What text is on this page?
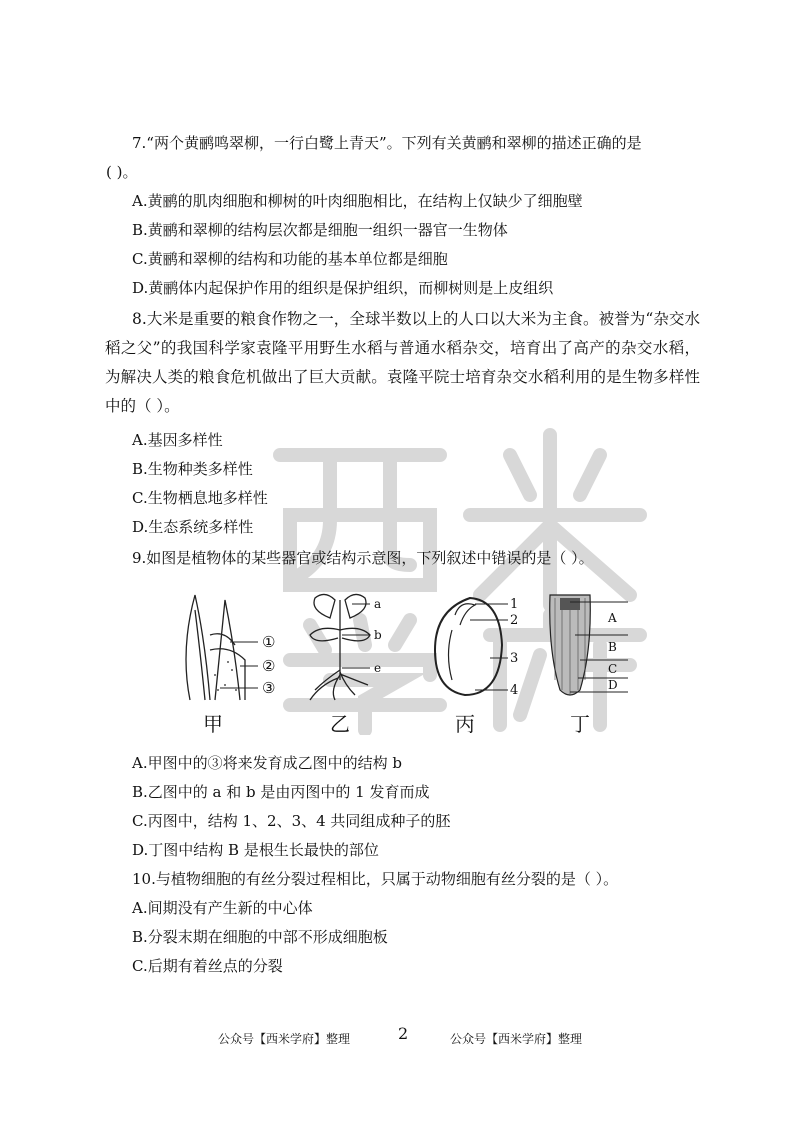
西米学府
7.“两个黄鹂鸣翠柳，一行白鹭上青天”。下列有关黄鹂和翠柳的描述正确的是
( )。
A.黄鹂的肌肉细胞和柳树的叶肉细胞相比，在结构上仅缺少了细胞壁
B.黄鹂和翠柳的结构层次都是细胞一组织一器官一生物体
C.黄鹂和翠柳的结构和功能的基本单位都是细胞
D.黄鹂体内起保护作用的组织是保护组织，而柳树则是上皮组织
8.大米是重要的粮食作物之一，全球半数以上的人口以大米为主食。被誉为“杂交水稻之父”的我国科学家袁隆平用野生水稻与普通水稻杂交，培育出了高产的杂交水稻，为解决人类的粮食危机做出了巨大贡献。袁隆平院士培育杂交水稻利用的是生物多样性中的（ ）。
A.基因多样性
B.生物种类多样性
C.生物栖息地多样性
D.生态系统多样性
9.如图是植物体的某些器官或结构示意图，下列叙述中错误的是（ ）。
①
②
③
a
b
e
1
2
3
4
A
B
C
D
甲	乙	丙	丁
A.甲图中的③将来发育成乙图中的结构 b
B.乙图中的 a 和 b 是由丙图中的 1 发育而成
C.丙图中，结构 1、2、3、4 共同组成种子的胚
D.丁图中结构 B 是根生长最快的部位
10.与植物细胞的有丝分裂过程相比，只属于动物细胞有丝分裂的是（ ）。
A.间期没有产生新的中心体
B.分裂末期在细胞的中部不形成细胞板
C.后期有着丝点的分裂
公众号【西米学府】整理	2	公众号【西米学府】整理
